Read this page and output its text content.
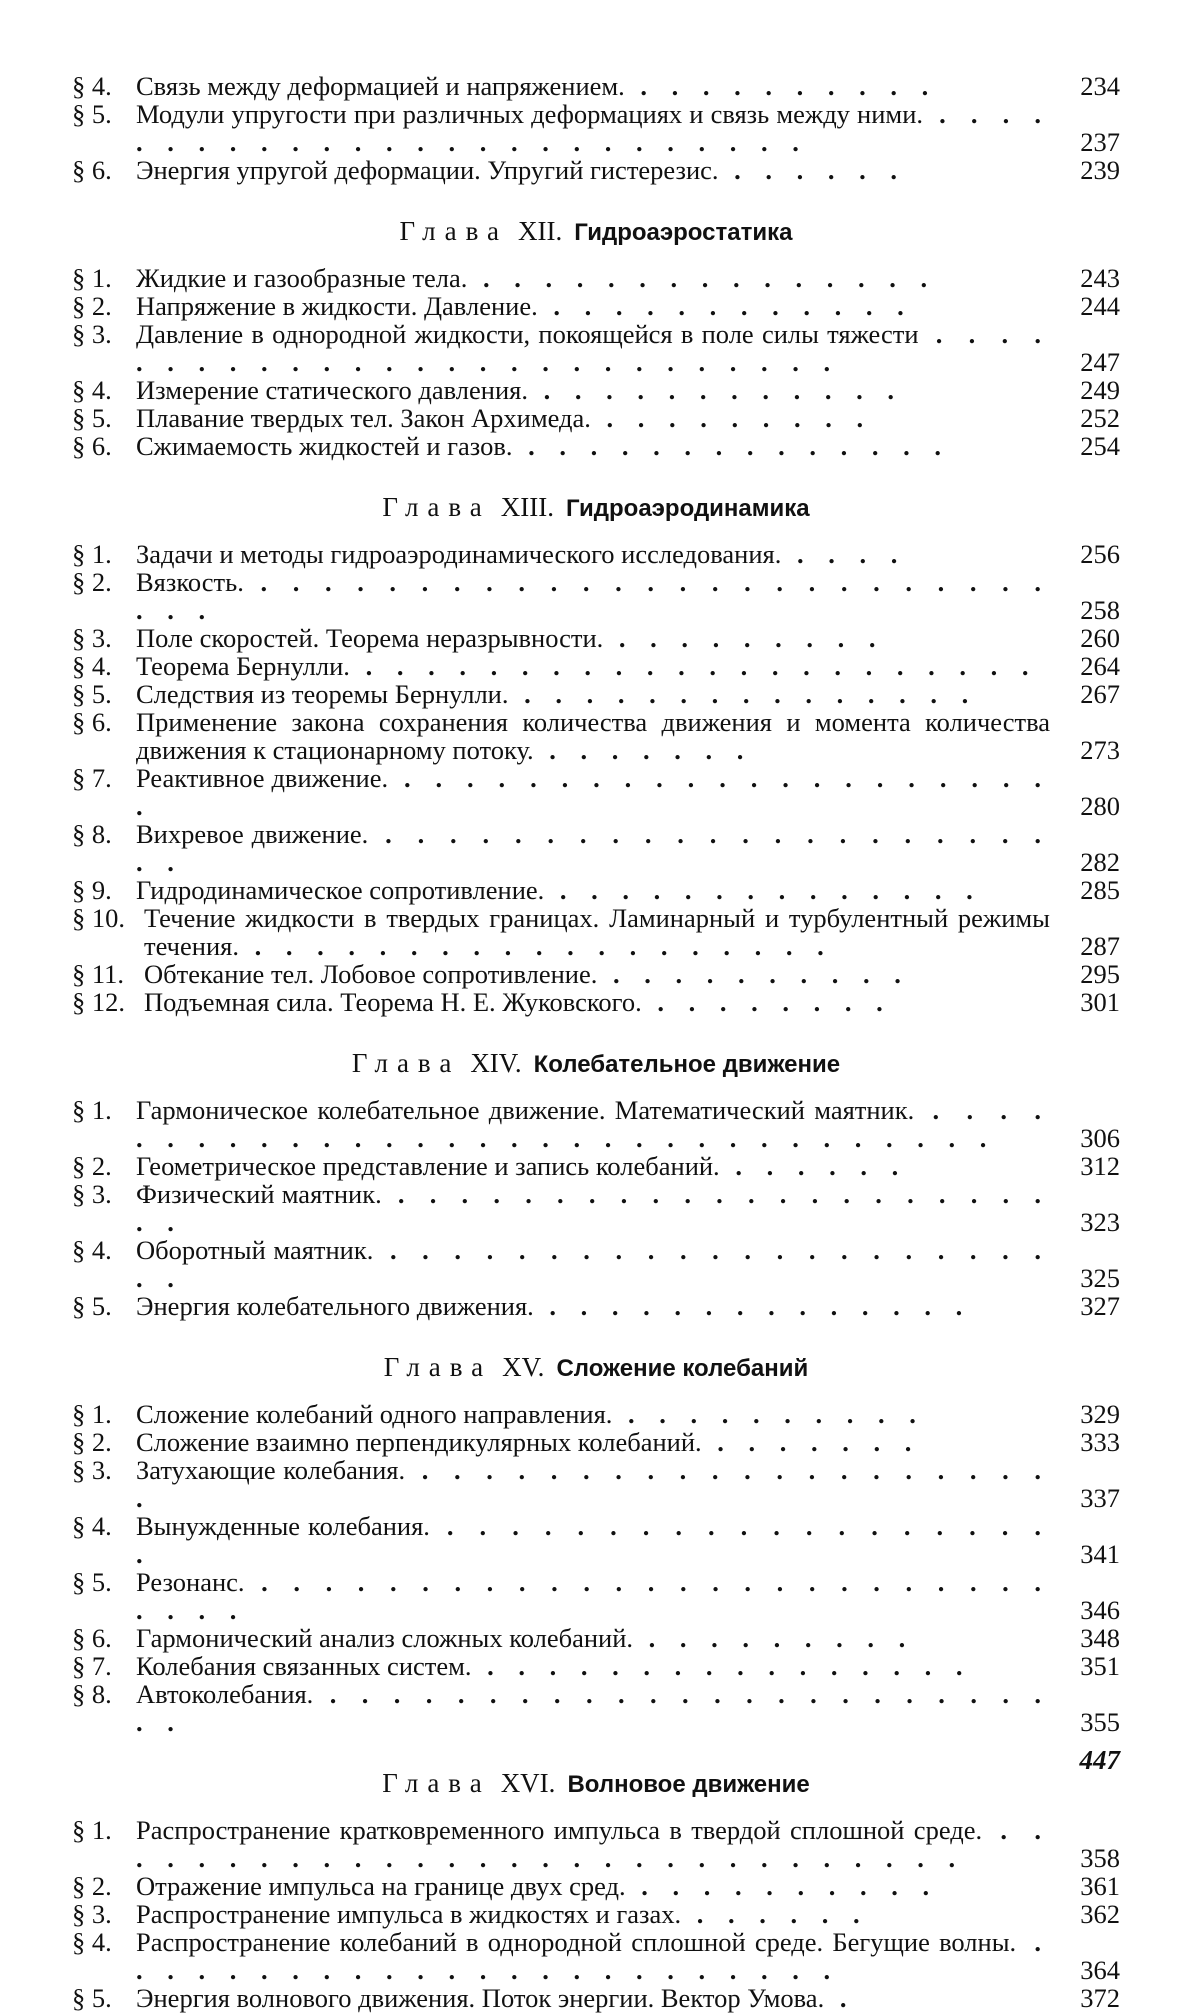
§ 4. Связь между деформацией и напряжением. . . . . . . . . . .	234
§ 5. Модули упругости при различных деформациях и связь между ними. . . . . . . . . . . . . . . . . . . . . . . . . . .	237
§ 6. Энергия упругой деформации. Упругий гистерезис. . . . . . .	239
Глава XII. Гидроаэростатика
§ 1. Жидкие и газообразные тела. . . . . . . . . . . . . . . .	243
§ 2. Напряжение в жидкости. Давление. . . . . . . . . . . . .	244
§ 3. Давление в однородной жидкости, покоящейся в поле силы тяжести . . . . . . . . . . . . . . . . . . . . . . . . . . .	247
§ 4. Измерение статического давления. . . . . . . . . . . . .	249
§ 5. Плавание твердых тел. Закон Архимеда. . . . . . . . . .	252
§ 6. Сжимаемость жидкостей и газов. . . . . . . . . . . . . . .	254
Глава XIII. Гидроаэродинамика
§ 1. Задачи и методы гидроаэродинамического исследования. . . . .	256
§ 2. Вязкость. . . . . . . . . . . . . . . . . . . . . . . . . . . . .	258
§ 3. Поле скоростей. Теорема неразрывности. . . . . . . . . .	260
§ 4. Теорема Бернулли. . . . . . . . . . . . . . . . . . . . . . .	264
§ 5. Следствия из теоремы Бернулли. . . . . . . . . . . . . . . .	267
§ 6. Применение закона сохранения количества движения и момента количества движения к стационарному потоку. . . . . . . .	273
§ 7. Реактивное движение. . . . . . . . . . . . . . . . . . . . . . .	280
§ 8. Вихревое движение. . . . . . . . . . . . . . . . . . . . . . . .	282
§ 9. Гидродинамическое сопротивление. . . . . . . . . . . . . . .	285
§ 10. Течение жидкости в твердых границах. Ламинарный и турбулентный режимы течения. . . . . . . . . . . . . . . . . . . .	287
§ 11. Обтекание тел. Лобовое сопротивление. . . . . . . . . . .	295
§ 12. Подъемная сила. Теорема Н. Е. Жуковского. . . . . . . . .	301
Глава XIV. Колебательное движение
§ 1. Гармоническое колебательное движение. Математический маятник. . . . . . . . . . . . . . . . . . . . . . . . . . . . . . . . .	306
§ 2. Геометрическое представление и запись колебаний. . . . . . .	312
§ 3. Физический маятник. . . . . . . . . . . . . . . . . . . . . . . .	323
§ 4. Оборотный маятник. . . . . . . . . . . . . . . . . . . . . . . .	325
§ 5. Энергия колебательного движения. . . . . . . . . . . . . . .	327
Глава XV. Сложение колебаний
§ 1. Сложение колебаний одного направления. . . . . . . . . . .	329
§ 2. Сложение взаимно перпендикулярных колебаний. . . . . . . .	333
§ 3. Затухающие колебания. . . . . . . . . . . . . . . . . . . . . .	337
§ 4. Вынужденные колебания. . . . . . . . . . . . . . . . . . . . .	341
§ 5. Резонанс. . . . . . . . . . . . . . . . . . . . . . . . . . . . . .	346
§ 6. Гармонический анализ сложных колебаний. . . . . . . . . .	348
§ 7. Колебания связанных систем. . . . . . . . . . . . . . . . .	351
§ 8. Автоколебания. . . . . . . . . . . . . . . . . . . . . . . . . .	355
Глава XVI. Волновое движение
§ 1. Распространение кратковременного импульса в твердой сплошной среде. . . . . . . . . . . . . . . . . . . . . . . . . . . . . .	358
§ 2. Отражение импульса на границе двух сред. . . . . . . . . . .	361
§ 3. Распространение импульса в жидкостях и газах. . . . . . .	362
§ 4. Распространение колебаний в однородной сплошной среде. Бегущие волны. . . . . . . . . . . . . . . . . . . . . . . . .	364
§ 5. Энергия волнового движения. Поток энергии. Вектор Умова. .	372
447
